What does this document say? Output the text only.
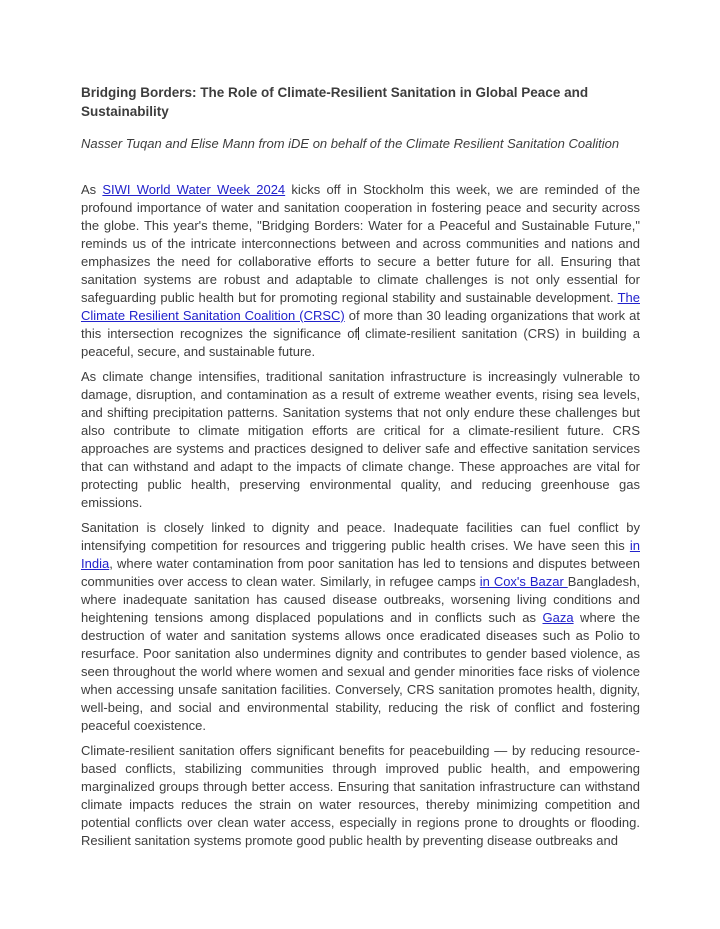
Bridging Borders: The Role of Climate-Resilient Sanitation in Global Peace and Sustainability

Nasser Tuqan and Elise Mann from iDE on behalf of the Climate Resilient Sanitation Coalition

As SIWI World Water Week 2024 kicks off in Stockholm this week, we are reminded of the profound importance of water and sanitation cooperation in fostering peace and security across the globe. This year's theme, "Bridging Borders: Water for a Peaceful and Sustainable Future," reminds us of the intricate interconnections between and across communities and nations and emphasizes the need for collaborative efforts to secure a better future for all. Ensuring that sanitation systems are robust and adaptable to climate challenges is not only essential for safeguarding public health but for promoting regional stability and sustainable development. The Climate Resilient Sanitation Coalition (CRSC) of more than 30 leading organizations that work at this intersection recognizes the significance of climate-resilient sanitation (CRS) in building a peaceful, secure, and sustainable future.

As climate change intensifies, traditional sanitation infrastructure is increasingly vulnerable to damage, disruption, and contamination as a result of extreme weather events, rising sea levels, and shifting precipitation patterns. Sanitation systems that not only endure these challenges but also contribute to climate mitigation efforts are critical for a climate-resilient future. CRS approaches are systems and practices designed to deliver safe and effective sanitation services that can withstand and adapt to the impacts of climate change. These approaches are vital for protecting public health, preserving environmental quality, and reducing greenhouse gas emissions.

Sanitation is closely linked to dignity and peace. Inadequate facilities can fuel conflict by intensifying competition for resources and triggering public health crises. We have seen this in India, where water contamination from poor sanitation has led to tensions and disputes between communities over access to clean water. Similarly, in refugee camps in Cox's Bazar Bangladesh, where inadequate sanitation has caused disease outbreaks, worsening living conditions and heightening tensions among displaced populations and in conflicts such as Gaza where the destruction of water and sanitation systems allows once eradicated diseases such as Polio to resurface. Poor sanitation also undermines dignity and contributes to gender based violence, as seen throughout the world where women and sexual and gender minorities face risks of violence when accessing unsafe sanitation facilities. Conversely, CRS sanitation promotes health, dignity, well-being, and social and environmental stability, reducing the risk of conflict and fostering peaceful coexistence.

Climate-resilient sanitation offers significant benefits for peacebuilding — by reducing resource-based conflicts, stabilizing communities through improved public health, and empowering marginalized groups through better access. Ensuring that sanitation infrastructure can withstand climate impacts reduces the strain on water resources, thereby minimizing competition and potential conflicts over clean water access, especially in regions prone to droughts or flooding. Resilient sanitation systems promote good public health by preventing disease outbreaks and
